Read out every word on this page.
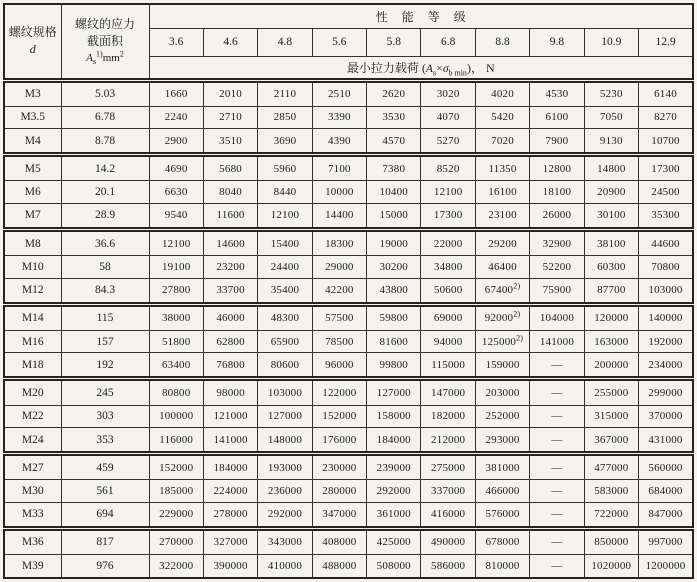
螺纹规格
d

螺纹的应力
截面积
$A_s^{1)}mm^2$
	性能等级
		3.6	4.6	4.8	5.6	5.8	6.8	8.8	9.8	10.9	12.9
		最小拉力载荷 $(A_s\times\sigma_{b min})$， N									
M3	5.03	1660	2010	2110	2510	2620	3020	4020	4530	5230	6140
M3.5	6.78	2240	2710	2850	3390	3530	4070	5420	6100	7050	8270
M4	8.78	2900	3510	3690	4390	4570	5270	7020	7900	9130	10700
M5	14.2	4690	5680	5960	7100	7380	8520	11350	12800	14800	17300
M6	20.1	6630	8040	8440	10000	10400	12100	16100	18100	20900	24500
M7	28.9	9540	11600	12100	14400	15000	17300	23100	26000	30100	35300
M8	36.6	12100	14600	15400	18300	19000	22000	29200	32900	38100	44600
M10	58	19100	23200	24400	29000	30200	34800	46400	52200	60300	70800
M12	84.3	27800	33700	35400	42200	43800	50600	67400$^{2)}$	75900	87700	103000
M14	115	38000	46000	48300	57500	59800	69000	92000$^{2)}$	104000	120000	140000
M16	157	51800	62800	65900	78500	81600	94000	125000$^{2)}$	141000	163000	192000
M18	192	63400	76800	80600	96000	99800	115000	159000	—	200000	234000
M20	245	80800	98000	103000	122000	127000	147000	203000	—	255000	299000
M22	303	100000	121000	127000	152000	158000	182000	252000	—	315000	370000
M24	353	116000	141000	148000	176000	184000	212000	293000	—	367000	431000
M27	459	152000	184000	193000	230000	239000	275000	381000	—	477000	560000
M30	561	185000	224000	236000	280000	292000	337000	466000	—	583000	684000
M33	694	229000	278000	292000	347000	361000	416000	576000	—	722000	847000
M36	817	270000	327000	343000	408000	425000	490000	678000	—	850000	997000
M39	976	322000	390000	410000	488000	508000	586000	810000	—	1020000	1200000
